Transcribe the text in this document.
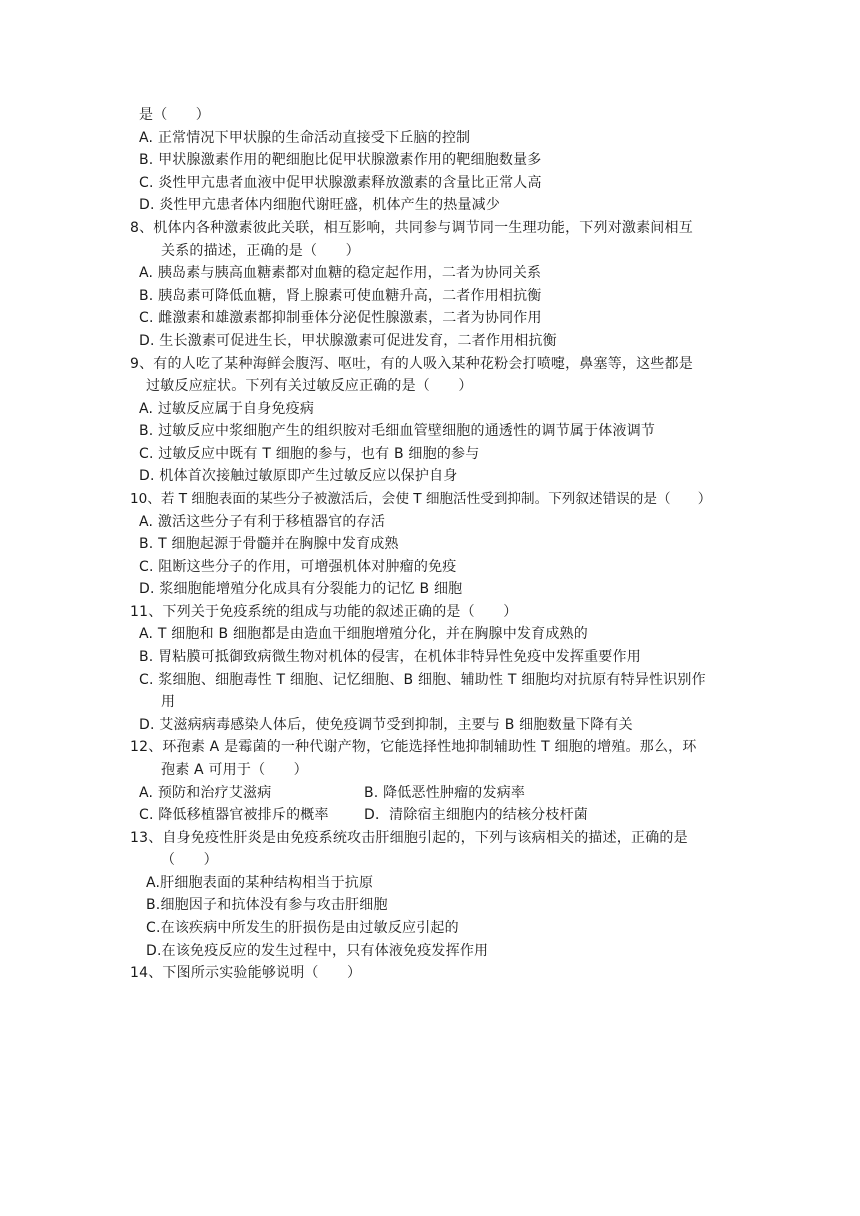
是（　　）
A. 正常情况下甲状腺的生命活动直接受下丘脑的控制
B. 甲状腺激素作用的靶细胞比促甲状腺激素作用的靶细胞数量多
C. 炎性甲亢患者血液中促甲状腺激素释放激素的含量比正常人高
D. 炎性甲亢患者体内细胞代谢旺盛，机体产生的热量减少
8、机体内各种激素彼此关联，相互影响，共同参与调节同一生理功能，下列对激素间相互
关系的描述，正确的是（　　）
A. 胰岛素与胰高血糖素都对血糖的稳定起作用，二者为协同关系
B. 胰岛素可降低血糖，肾上腺素可使血糖升高，二者作用相抗衡
C. 雌激素和雄激素都抑制垂体分泌促性腺激素，二者为协同作用
D. 生长激素可促进生长，甲状腺激素可促进发育，二者作用相抗衡
9、有的人吃了某种海鲜会腹泻、呕吐，有的人吸入某种花粉会打喷嚏，鼻塞等，这些都是
过敏反应症状。下列有关过敏反应正确的是（　　）
A. 过敏反应属于自身免疫病
B. 过敏反应中浆细胞产生的组织胺对毛细血管壁细胞的通透性的调节属于体液调节
C. 过敏反应中既有 T 细胞的参与，也有 B 细胞的参与
D. 机体首次接触过敏原即产生过敏反应以保护自身
10、若 T 细胞表面的某些分子被激活后，会使 T 细胞活性受到抑制。下列叙述错误的是（　　）
A. 激活这些分子有利于移植器官的存活
B. T 细胞起源于骨髓并在胸腺中发育成熟
C. 阻断这些分子的作用，可增强机体对肿瘤的免疫
D. 浆细胞能增殖分化成具有分裂能力的记忆 B 细胞
11、下列关于免疫系统的组成与功能的叙述正确的是（　　）
A. T 细胞和 B 细胞都是由造血干细胞增殖分化，并在胸腺中发育成熟的
B. 胃粘膜可抵御致病微生物对机体的侵害，在机体非特异性免疫中发挥重要作用
C. 浆细胞、细胞毒性 T 细胞、记忆细胞、B 细胞、辅助性 T 细胞均对抗原有特异性识别作
用
D. 艾滋病病毒感染人体后，使免疫调节受到抑制，主要与 B 细胞数量下降有关
12、环孢素 A 是霉菌的一种代谢产物，它能选择性地抑制辅助性 T 细胞的增殖。那么，环
孢素 A 可用于（　　）
A. 预防和治疗艾滋病	B. 降低恶性肿瘤的发病率
C. 降低移植器官被排斥的概率	D．清除宿主细胞内的结核分枝杆菌
13、自身免疫性肝炎是由免疫系统攻击肝细胞引起的，下列与该病相关的描述，正确的是
（　　）
A.肝细胞表面的某种结构相当于抗原
B.细胞因子和抗体没有参与攻击肝细胞
C.在该疾病中所发生的肝损伤是由过敏反应引起的
D.在该免疫反应的发生过程中，只有体液免疫发挥作用
14、下图所示实验能够说明（　　）
